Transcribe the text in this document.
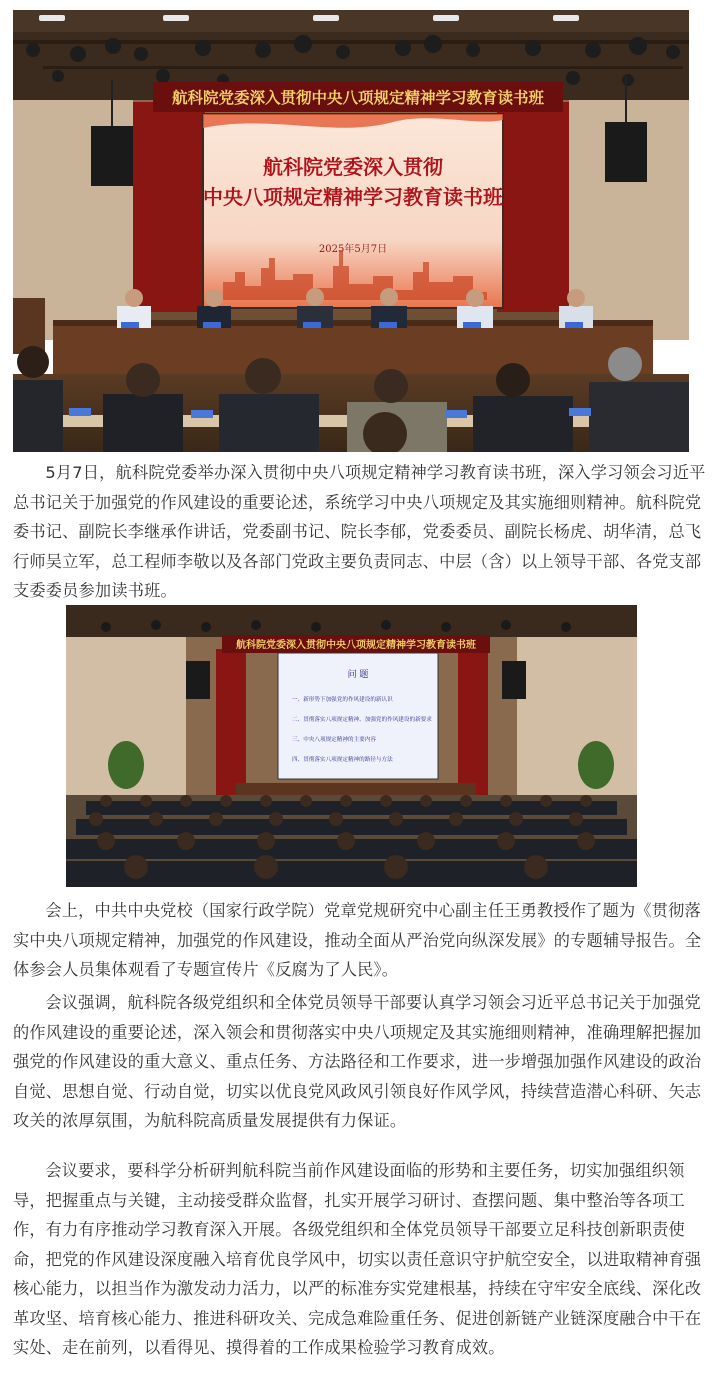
航科院党委深入贯彻中央八项规定精神学习教育读书班
航科院党委深入贯彻
中央八项规定精神学习教育读书班
2025年5月7日

5月7日，航科院党委举办深入贯彻中央八项规定精神学习教育读书班，深入学习领会习近平总书记关于加强党的作风建设的重要论述，系统学习中央八项规定及其实施细则精神。航科院党委书记、副院长李继承作讲话，党委副书记、院长李郁，党委委员、副院长杨虎、胡华清，总飞行师吴立军，总工程师李敬以及各部门党政主要负责同志、中层（含）以上领导干部、各党支部支委委员参加读书班。

航科院党委深入贯彻中央八项规定精神学习教育读书班
问 题
一、新形势下加强党的作风建设的新认识
二、贯彻落实八项规定精神、加强党的作风建设的新要求
三、中央八项规定精神的主要内容
四、贯彻落实八项规定精神的路径与方法

会上，中共中央党校（国家行政学院）党章党规研究中心副主任王勇教授作了题为《贯彻落实中央八项规定精神，加强党的作风建设，推动全面从严治党向纵深发展》的专题辅导报告。全体参会人员集体观看了专题宣传片《反腐为了人民》。

会议强调，航科院各级党组织和全体党员领导干部要认真学习领会习近平总书记关于加强党的作风建设的重要论述，深入领会和贯彻落实中央八项规定及其实施细则精神，准确理解把握加强党的作风建设的重大意义、重点任务、方法路径和工作要求，进一步增强加强作风建设的政治自觉、思想自觉、行动自觉，切实以优良党风政风引领良好作风学风，持续营造潜心科研、矢志攻关的浓厚氛围，为航科院高质量发展提供有力保证。

会议要求，要科学分析研判航科院当前作风建设面临的形势和主要任务，切实加强组织领导，把握重点与关键，主动接受群众监督，扎实开展学习研讨、查摆问题、集中整治等各项工作，有力有序推动学习教育深入开展。各级党组织和全体党员领导干部要立足科技创新职责使命，把党的作风建设深度融入培育优良学风中，切实以责任意识守护航空安全，以进取精神育强核心能力，以担当作为激发动力活力，以严的标准夯实党建根基，持续在守牢安全底线、深化改革攻坚、培育核心能力、推进科研攻关、完成急难险重任务、促进创新链产业链深度融合中干在实处、走在前列，以看得见、摸得着的工作成果检验学习教育成效。
